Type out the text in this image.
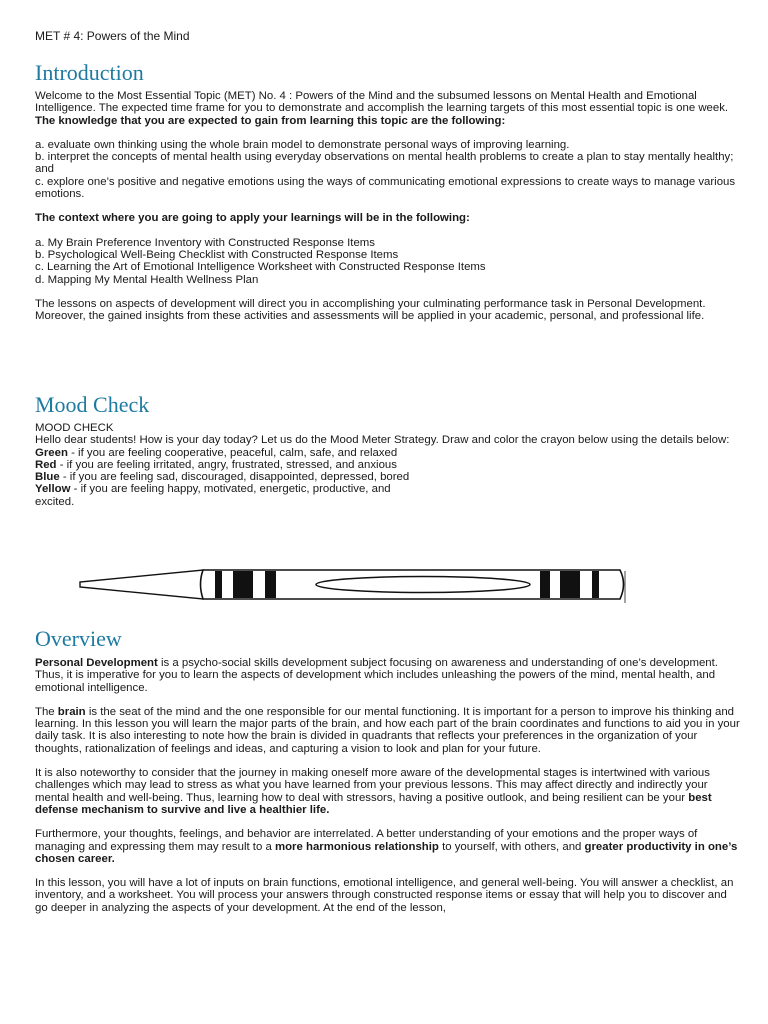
MET # 4: Powers of the Mind
Introduction

Welcome to the Most Essential Topic (MET) No. 4 : Powers of the Mind and the subsumed lessons on Mental Health and Emotional Intelligence. The expected time frame for you to demonstrate and accomplish the learning targets of this most essential topic is one week.

The knowledge that you are expected to gain from learning this topic are the following:

a. evaluate own thinking using the whole brain model to demonstrate personal ways of improving learning.

b. interpret the concepts of mental health using everyday observations on mental health problems to create a plan to stay mentally healthy; and

c. explore one’s positive and negative emotions using the ways of communicating emotional expressions to create ways to manage various emotions.

The context where you are going to apply your learnings will be in the following:

a. My Brain Preference Inventory with Constructed Response Items

b. Psychological Well-Being Checklist with Constructed Response Items

c. Learning the Art of Emotional Intelligence Worksheet with Constructed Response Items

d. Mapping My Mental Health Wellness Plan

The lessons on aspects of development will direct you in accomplishing your culminating performance task in Personal Development.

Moreover, the gained insights from these activities and assessments will be applied in your academic, personal, and professional life.

Mood Check

MOOD CHECK

Hello dear students! How is your day today? Let us do the Mood Meter Strategy. Draw and color the crayon below using the details below:

Green - if you are feeling cooperative, peaceful, calm, safe, and relaxed

Red - if you are feeling irritated, angry, frustrated, stressed, and anxious

Blue - if you are feeling sad, discouraged, disappointed, depressed, bored

Yellow - if you are feeling happy, motivated, energetic, productive, and excited.

Overview

Personal Development is a psycho-social skills development subject focusing on awareness and understanding of one’s development. Thus, it is imperative for you to learn the aspects of development which includes unleashing the powers of the mind, mental health, and emotional intelligence.

The brain is the seat of the mind and the one responsible for our mental functioning. It is important for a person to improve his thinking and learning. In this lesson you will learn the major parts of the brain, and how each part of the brain coordinates and functions to aid you in your daily task. It is also interesting to note how the brain is divided in quadrants that reflects your preferences in the organization of your thoughts, rationalization of feelings and ideas, and capturing a vision to look and plan for your future.

It is also noteworthy to consider that the journey in making oneself more aware of the developmental stages is intertwined with various challenges which may lead to stress as what you have learned from your previous lessons. This may affect directly and indirectly your mental health and well-being. Thus, learning how to deal with stressors, having a positive outlook, and being resilient can be your best defense mechanism to survive and live a healthier life.

Furthermore, your thoughts, feelings, and behavior are interrelated. A better understanding of your emotions and the proper ways of managing and expressing them may result to a more harmonious relationship to yourself, with others, and greater productivity in one’s chosen career.

In this lesson, you will have a lot of inputs on brain functions, emotional intelligence, and general well-being. You will answer a checklist, an inventory, and a worksheet. You will process your answers through constructed response items or essay that will help you to discover and go deeper in analyzing the aspects of your development. At the end of the lesson,
